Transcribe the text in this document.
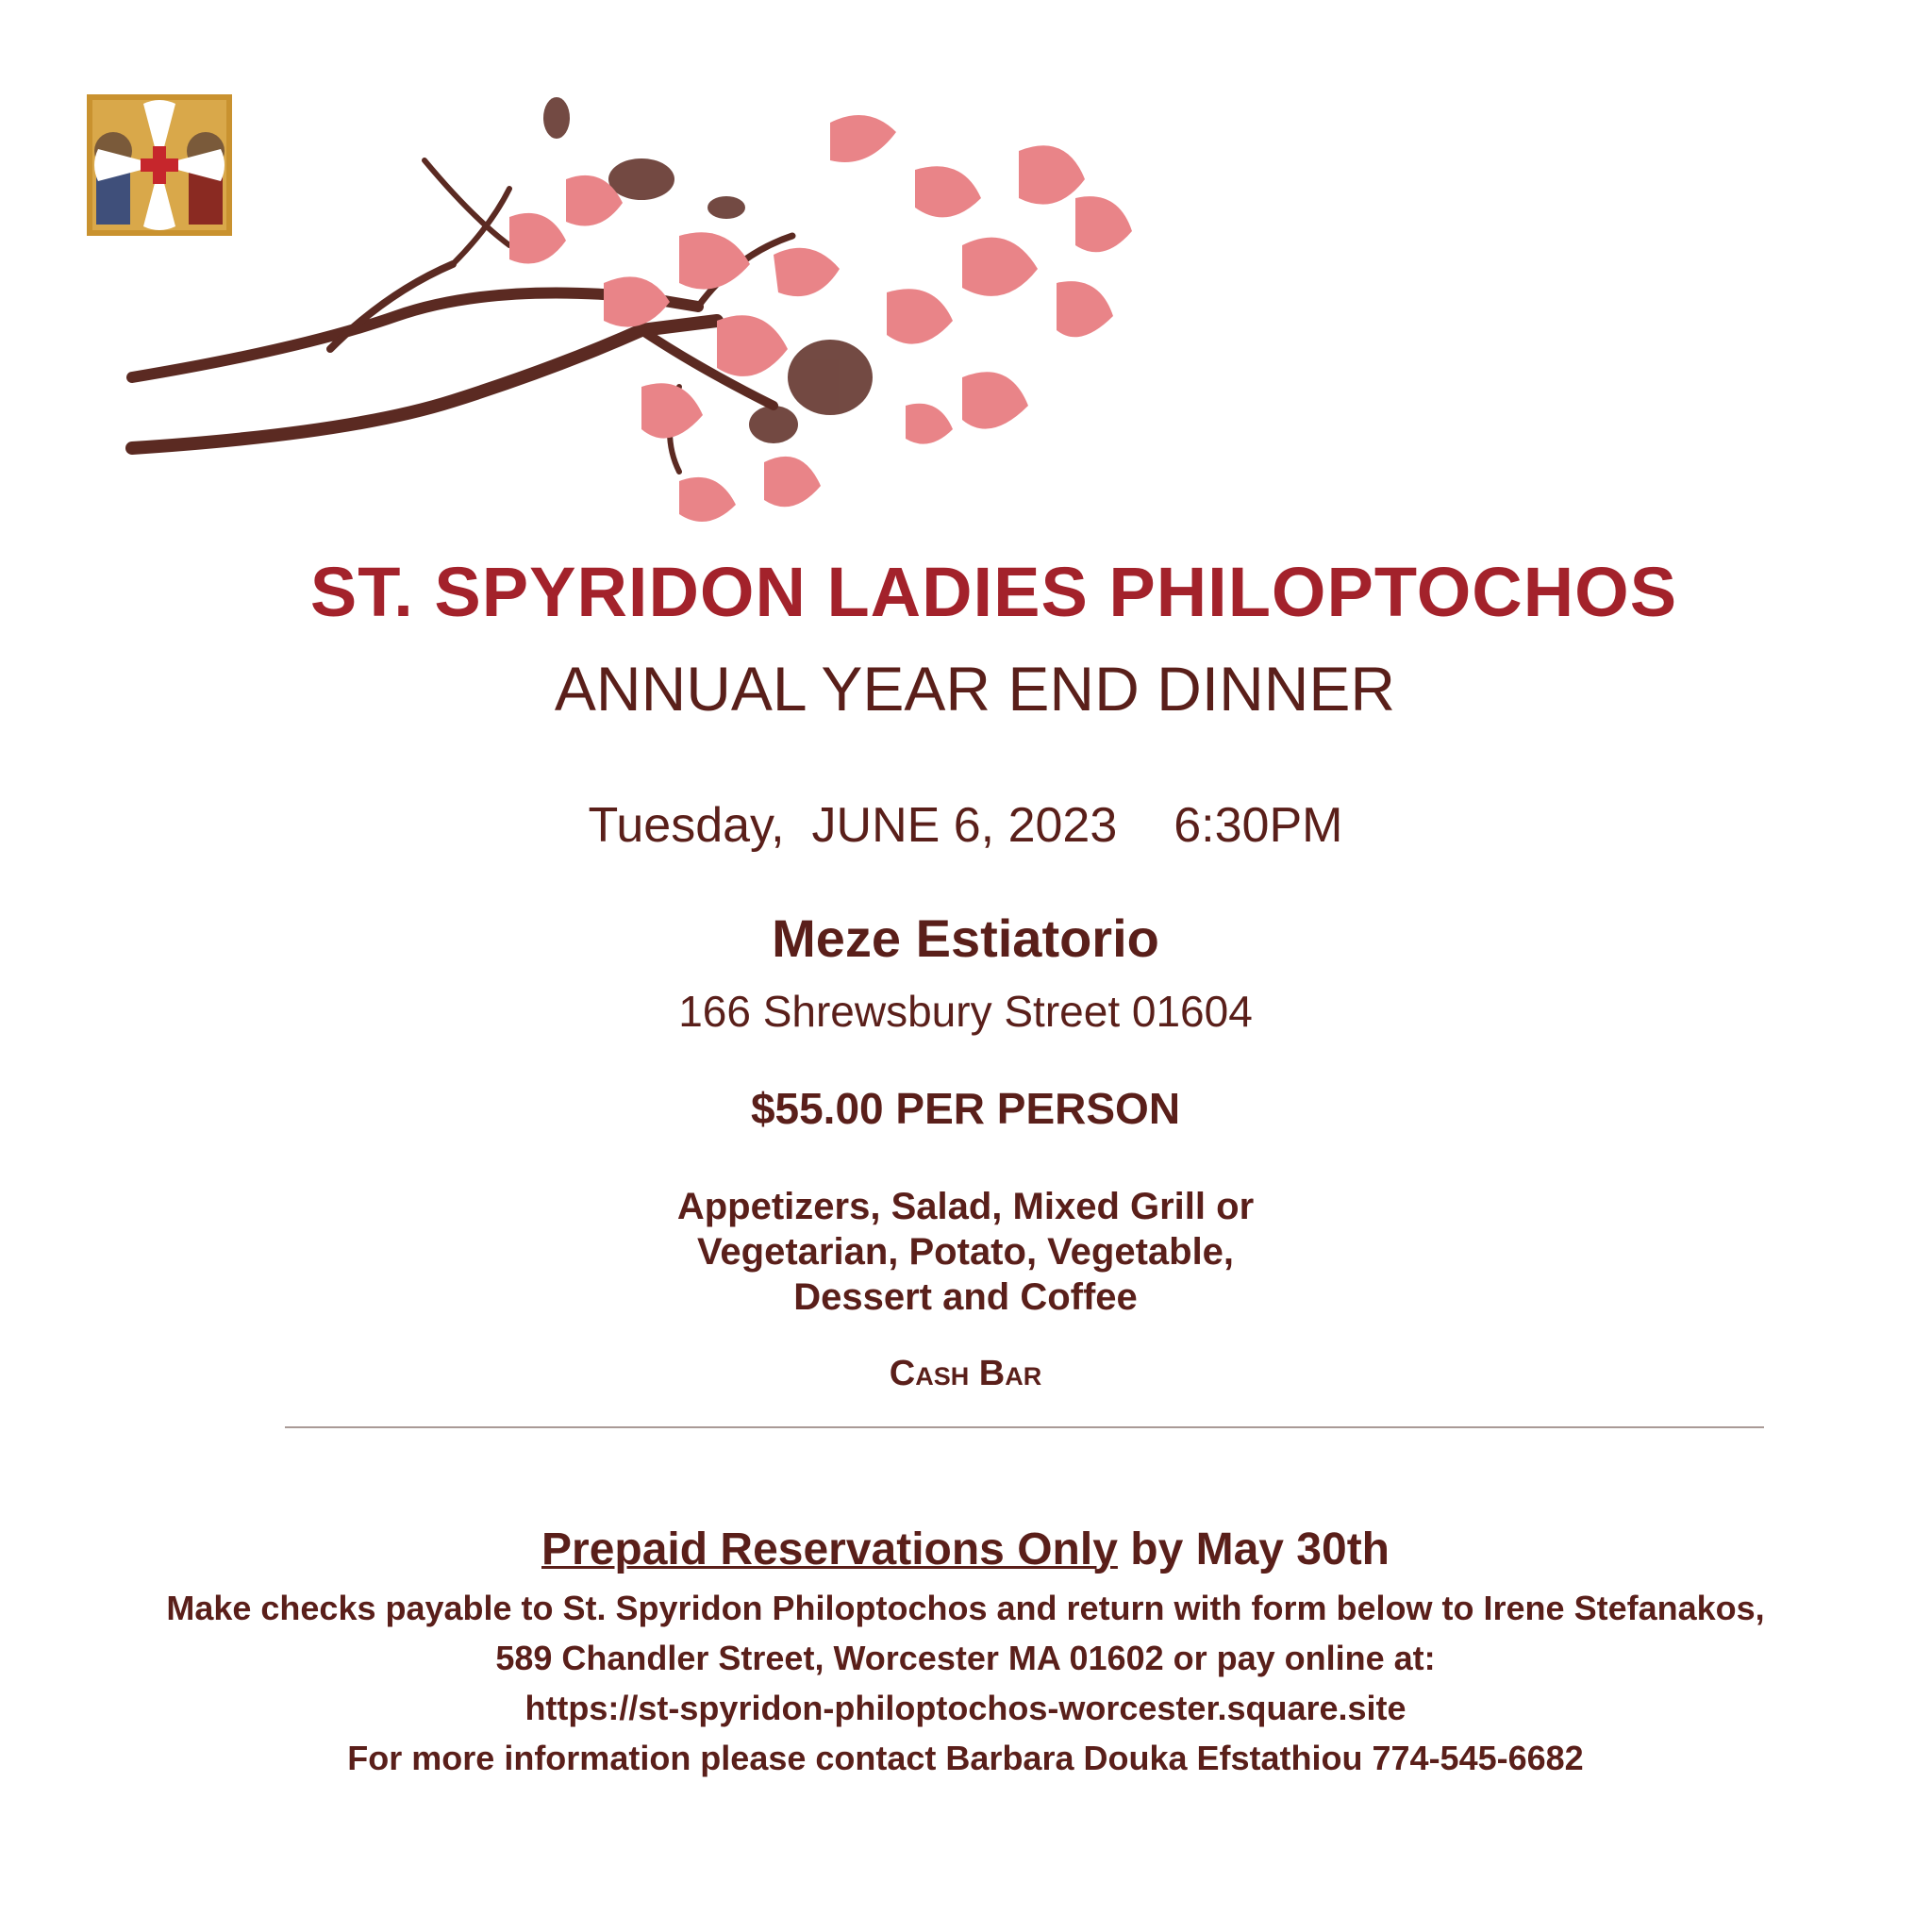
ST. SPYRIDON LADIES PHILOPTOCHOS
ANNUAL YEAR END DINNER
Tuesday,  JUNE 6, 2023 6:30PM
Meze Estiatorio
166 Shrewsbury Street 01604
$55.00 PER PERSON
Appetizers, Salad, Mixed Grill or
Vegetarian, Potato, Vegetable,
Dessert and Coffee
Cash Bar
Prepaid Reservations Only by May 30th
Make checks payable to St. Spyridon Philoptochos and return with form below to Irene Stefanakos,
589 Chandler Street, Worcester MA 01602 or pay online at:
https://st-spyridon-philoptochos-worcester.square.site
For more information please contact Barbara Douka Efstathiou 774-545-6682
